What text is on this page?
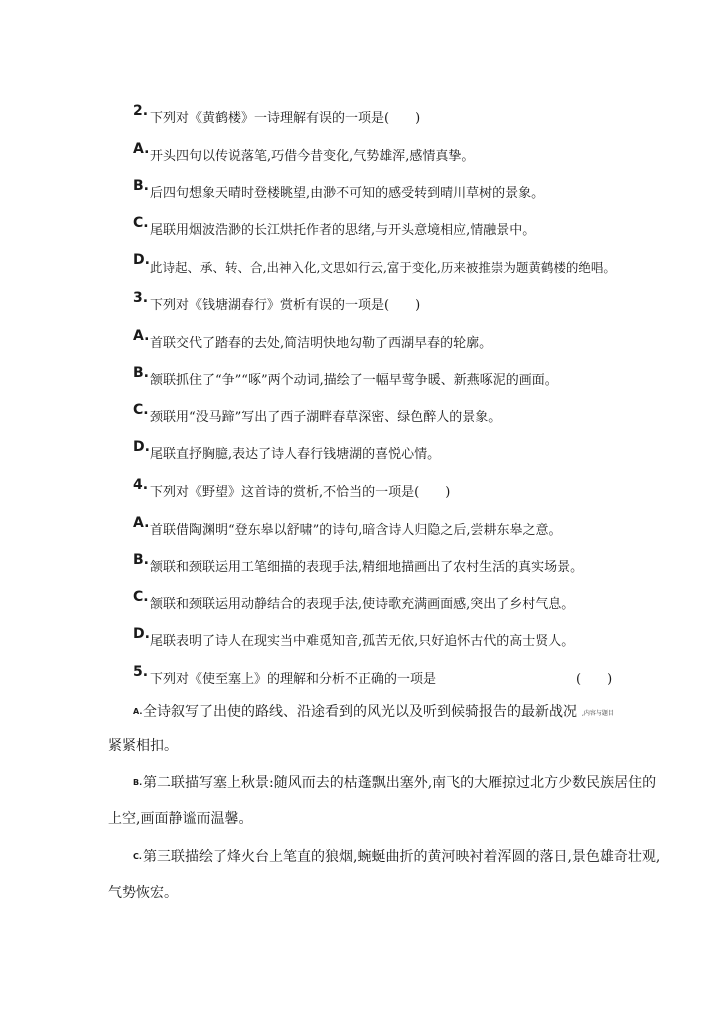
2. 下列对《黄鹤楼》一诗理解有误的一项是(　　)
A. 开头四句以传说落笔,巧借今昔变化,气势雄浑,感情真挚。
B. 后四句想象天晴时登楼眺望,由渺不可知的感受转到晴川草树的景象。
C. 尾联用烟波浩渺的长江烘托作者的思绪,与开头意境相应,情融景中。
D. 此诗起、承、转、合,出神入化,文思如行云,富于变化,历来被推崇为题黄鹤楼的绝唱。
3. 下列对《钱塘湖春行》赏析有误的一项是(　　)
A. 首联交代了踏春的去处,简洁明快地勾勒了西湖早春的轮廓。
B. 颔联抓住了“争”“啄”两个动词,描绘了一幅早莺争暖、新燕啄泥的画面。
C. 颈联用“没马蹄”写出了西子湖畔春草深密、绿色醉人的景象。
D. 尾联直抒胸臆,表达了诗人春行钱塘湖的喜悦心情。
4. 下列对《野望》这首诗的赏析,不恰当的一项是(　　)
A. 首联借陶渊明“登东皋以舒啸”的诗句,暗含诗人归隐之后,尝耕东皋之意。
B. 颔联和颈联运用工笔细描的表现手法,精细地描画出了农村生活的真实场景。
C. 颔联和颈联运用动静结合的表现手法,使诗歌充满画面感,突出了乡村气息。
D. 尾联表明了诗人在现实当中难觅知音,孤苦无依,只好追怀古代的高士贤人。
5. 下列对《使至塞上》的理解和分析不正确的一项是	(　　)
A. 全诗叙写了出使的路线、沿途看到的风光以及听到候骑报告的最新战况 ,内容与题目
紧紧相扣。
B. 第二联描写塞上秋景:随风而去的枯蓬飘出塞外,南飞的大雁掠过北方少数民族居住的
上空,画面静谧而温馨。
C. 第三联描绘了烽火台上笔直的狼烟,蜿蜒曲折的黄河映衬着浑圆的落日,景色雄奇壮观,
气势恢宏。
